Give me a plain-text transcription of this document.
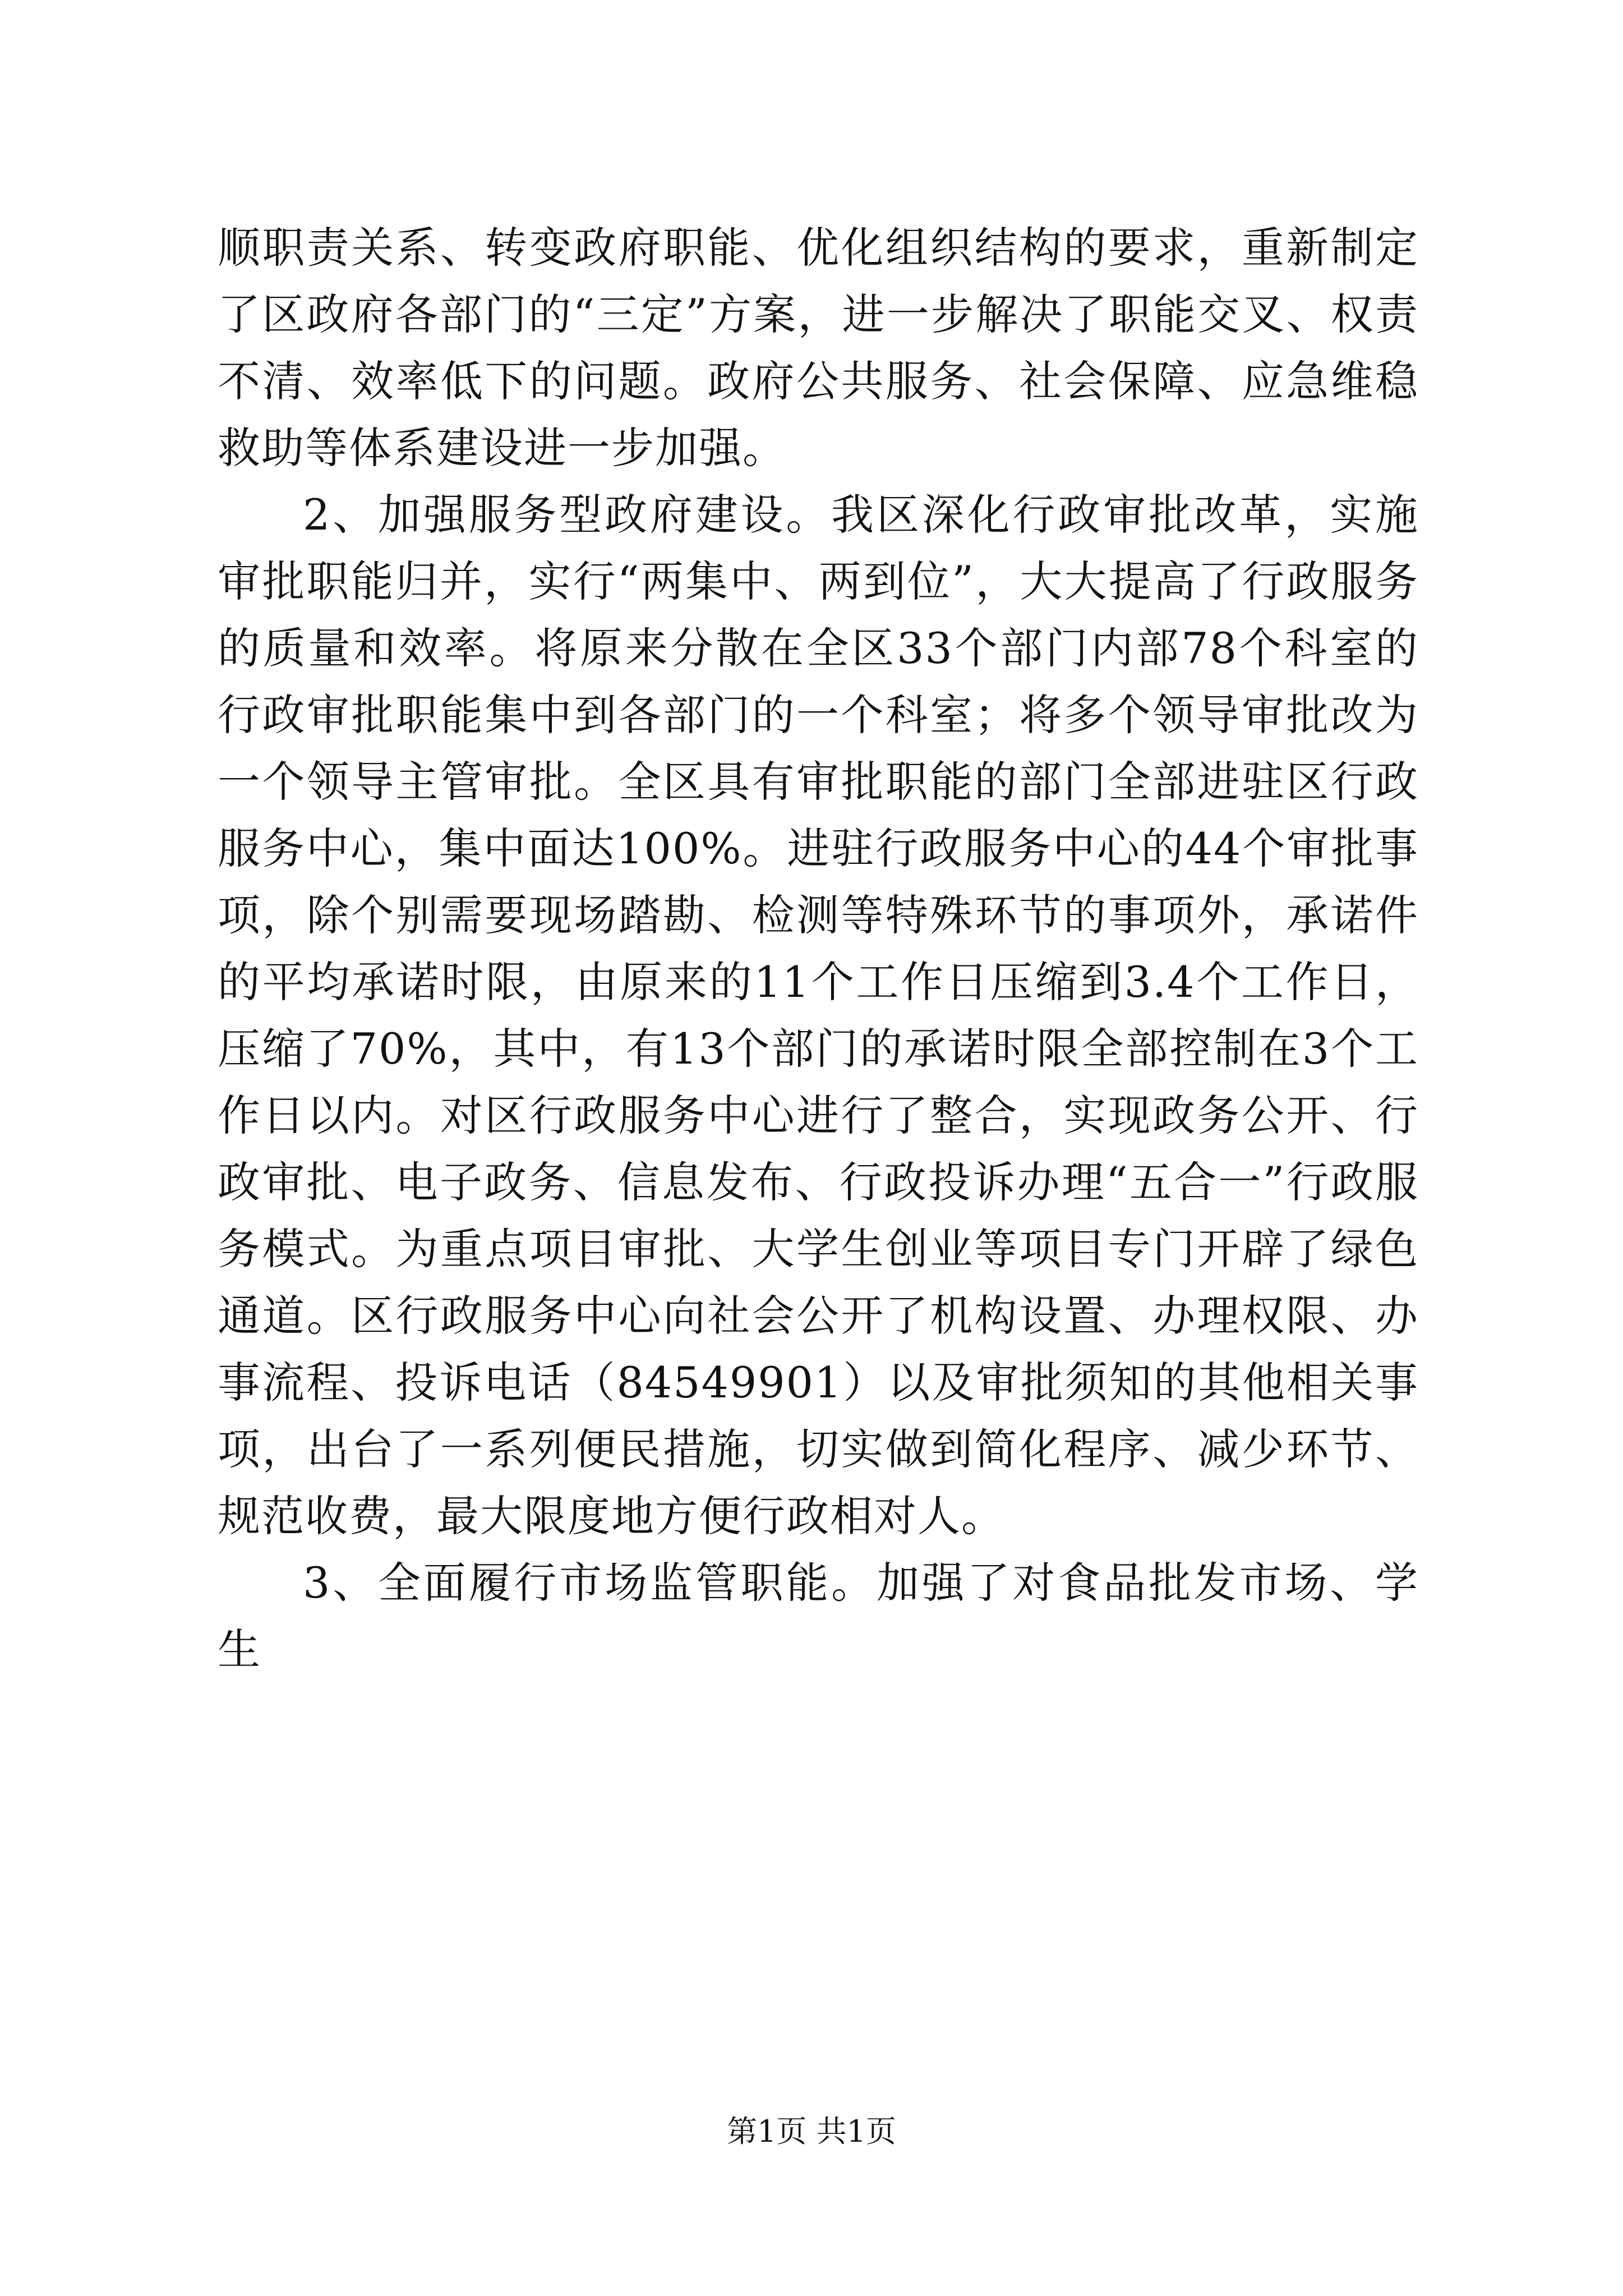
顺职责关系、转变政府职能、优化组织结构的要求，重新制定了区政府各部门的“三定”方案，进一步解决了职能交叉、权责不清、效率低下的问题。政府公共服务、社会保障、应急维稳救助等体系建设进一步加强。

2、加强服务型政府建设。我区深化行政审批改革，实施审批职能归并，实行“两集中、两到位”，大大提高了行政服务的质量和效率。将原来分散在全区33个部门内部78个科室的行政审批职能集中到各部门的一个科室；将多个领导审批改为一个领导主管审批。全区具有审批职能的部门全部进驻区行政服务中心，集中面达100%。进驻行政服务中心的44个审批事项，除个别需要现场踏勘、检测等特殊环节的事项外，承诺件的平均承诺时限，由原来的11个工作日压缩到3.4个工作日，压缩了70%，其中，有13个部门的承诺时限全部控制在3个工作日以内。对区行政服务中心进行了整合，实现政务公开、行政审批、电子政务、信息发布、行政投诉办理“五合一”行政服务模式。为重点项目审批、大学生创业等项目专门开辟了绿色通道。区行政服务中心向社会公开了机构设置、办理权限、办事流程、投诉电话（84549901）以及审批须知的其他相关事项，出台了一系列便民措施，切实做到简化程序、减少环节、规范收费，最大限度地方便行政相对人。

3、全面履行市场监管职能。加强了对食品批发市场、学生

第1页 共1页
